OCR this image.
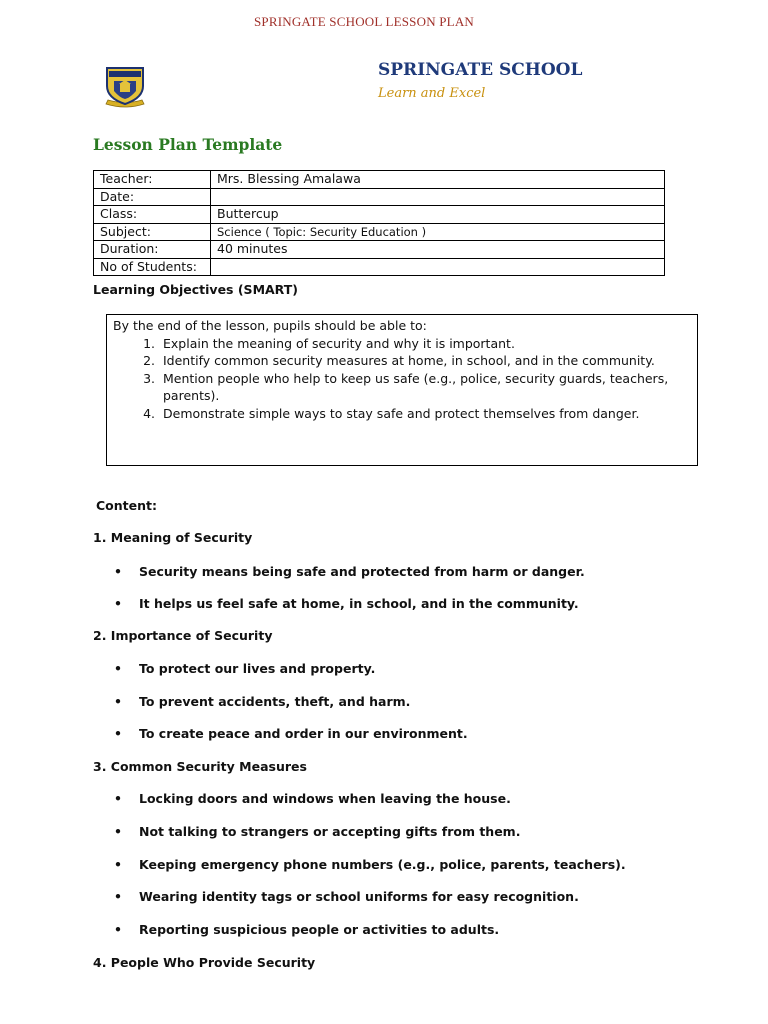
SPRINGATE SCHOOL LESSON PLAN
SPRINGATE SCHOOL
Learn and Excel
Lesson Plan Template
Teacher:	Mrs. Blessing Amalawa
Date:	
Class:	Buttercup
Subject:	Science ( Topic: Security Education )
Duration:	40 minutes
No of Students:	
Learning Objectives (SMART)
By the end of the lesson, pupils should be able to:
1. Explain the meaning of security and why it is important.
2. Identify common security measures at home, in school, and in the community.
3. Mention people who help to keep us safe (e.g., police, security guards, teachers, parents).
4. Demonstrate simple ways to stay safe and protect themselves from danger.
Content:
1. Meaning of Security
• Security means being safe and protected from harm or danger.
• It helps us feel safe at home, in school, and in the community.
2. Importance of Security
• To protect our lives and property.
• To prevent accidents, theft, and harm.
• To create peace and order in our environment.
3. Common Security Measures
• Locking doors and windows when leaving the house.
• Not talking to strangers or accepting gifts from them.
• Keeping emergency phone numbers (e.g., police, parents, teachers).
• Wearing identity tags or school uniforms for easy recognition.
• Reporting suspicious people or activities to adults.
4. People Who Provide Security
